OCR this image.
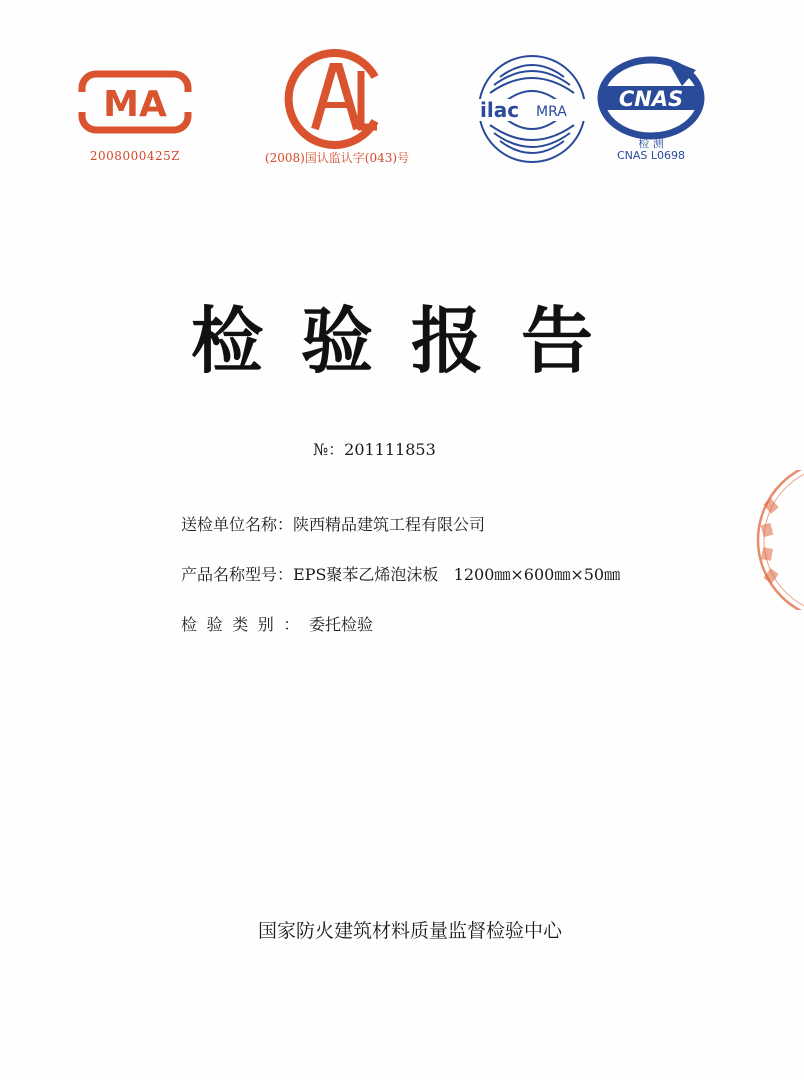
MA
2008000425Z	(2008)国认监认字(043)号
ilac MRA
CNAS
检 测
CNAS L0698
检验报告
№：201111853
送检单位名称：陕西精品建筑工程有限公司
产品名称型号：EPS聚苯乙烯泡沫板   1200㎜×600㎜×50㎜
检验类别：委托检验
国家防火建筑材料质量监督检验中心
